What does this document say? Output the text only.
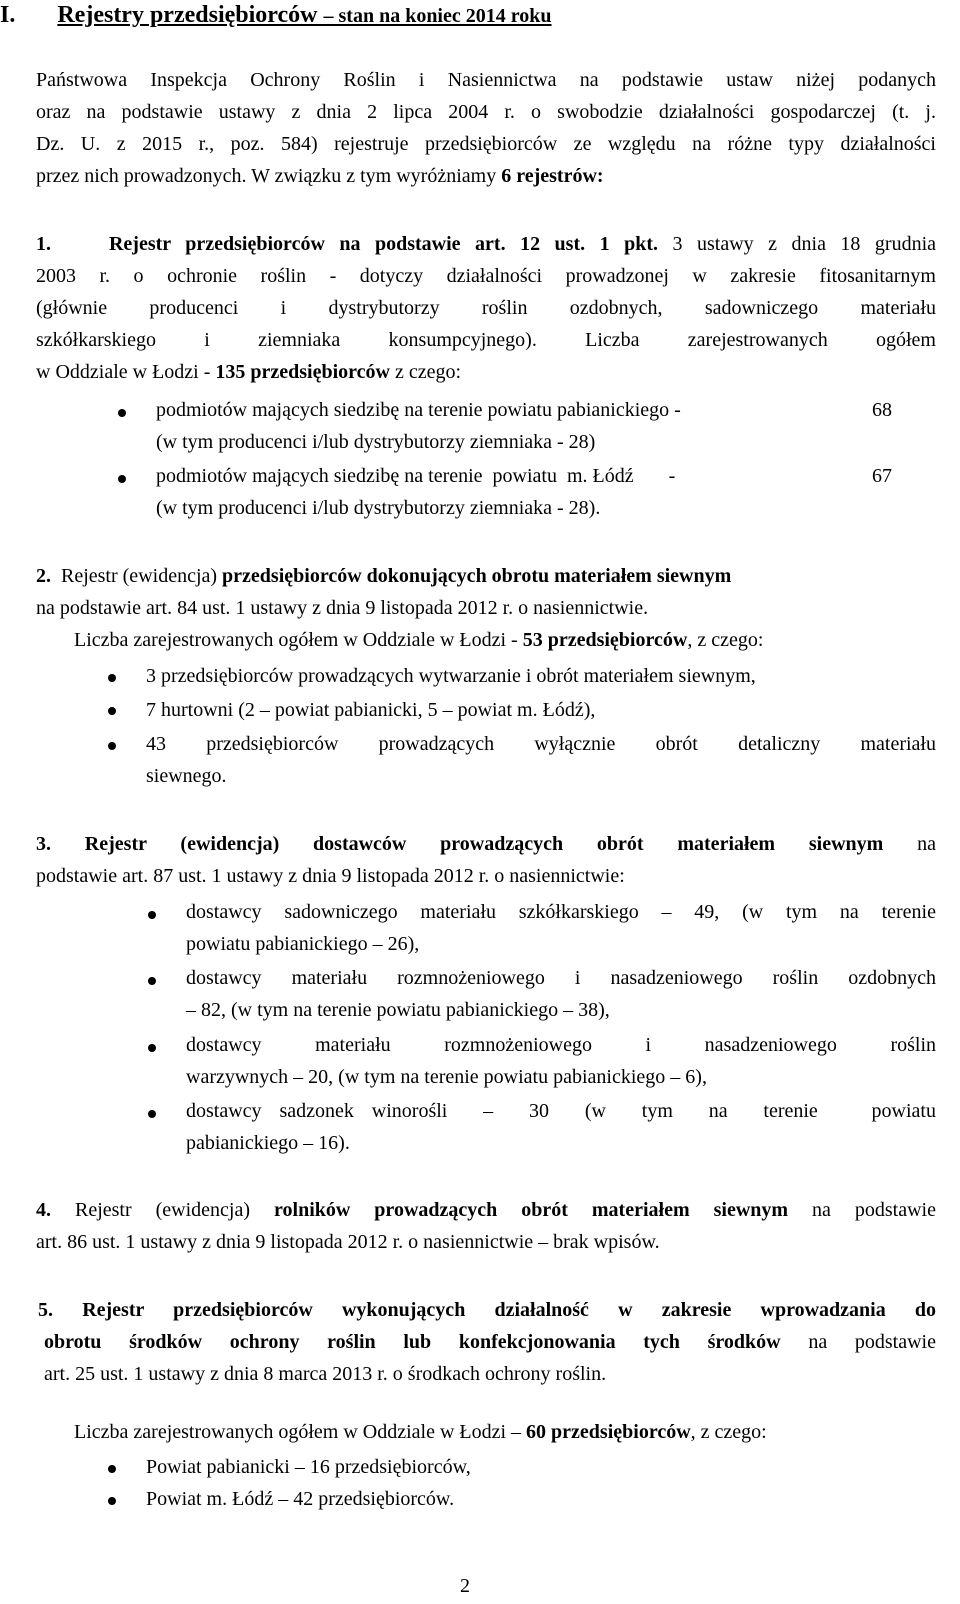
I. Rejestry przedsiębiorców – stan na koniec 2014 roku
Państwowa Inspekcja Ochrony Roślin i Nasiennictwa na podstawie ustaw niżej podanych
oraz na podstawie ustawy z dnia 2 lipca 2004 r. o swobodzie działalności gospodarczej (t. j.
Dz. U. z 2015 r., poz. 584) rejestruje przedsiębiorców ze względu na różne typy działalności
przez nich prowadzonych. W związku z tym wyróżniamy 6 rejestrów:
1.	Rejestr przedsiębiorców na podstawie art. 12 ust. 1 pkt. 3 ustawy z dnia 18 grudnia
2003 r. o ochronie roślin - dotyczy działalności prowadzonej w zakresie fitosanitarnym
(głównie producenci i dystrybutorzy roślin ozdobnych, sadowniczego materiału
szkółkarskiego i ziemniaka konsumpcyjnego). Liczba zarejestrowanych ogółem
w Oddziale w Łodzi - 135 przedsiębiorców z czego:
podmiotów mających siedzibę na terenie powiatu pabianickiego -
(w tym producenci i/lub dystrybutorzy ziemniaka - 28)
68
podmiotów mających siedzibę na terenie  powiatu  m. Łódź       -
(w tym producenci i/lub dystrybutorzy ziemniaka - 28).
67
2. Rejestr (ewidencja) przedsiębiorców dokonujących obrotu materiałem siewnym
na podstawie art. 84 ust. 1 ustawy z dnia 9 listopada 2012 r. o nasiennictwie.
Liczba zarejestrowanych ogółem w Oddziale w Łodzi - 53 przedsiębiorców, z czego:
3 przedsiębiorców prowadzących wytwarzanie i obrót materiałem siewnym,
7 hurtowni (2 – powiat pabianicki, 5 – powiat m. Łódź),
43 przedsiębiorców prowadzących wyłącznie obrót detaliczny materiału
siewnego.
3. Rejestr (ewidencja) dostawców prowadzących obrót materiałem siewnym na
podstawie art. 87 ust. 1 ustawy z dnia 9 listopada 2012 r. o nasiennictwie:
dostawcy sadowniczego materiału szkółkarskiego – 49, (w tym na terenie
powiatu pabianickiego – 26),
dostawcy materiału rozmnożeniowego i nasadzeniowego roślin ozdobnych
– 82, (w tym na terenie powiatu pabianickiego – 38),
dostawcy materiału rozmnożeniowego i nasadzeniowego roślin
warzywnych – 20, (w tym na terenie powiatu pabianickiego – 6),
dostawcy sadzonek winorośli  –  30  (w  tym  na  terenie   powiatu
pabianickiego – 16).
4. Rejestr (ewidencja) rolników prowadzących obrót materiałem siewnym na podstawie
art. 86 ust. 1 ustawy z dnia 9 listopada 2012 r. o nasiennictwie – brak wpisów.
5. Rejestr przedsiębiorców wykonujących działalność w zakresie wprowadzania do
obrotu środków ochrony roślin lub konfekcjonowania tych środków na podstawie
art. 25 ust. 1 ustawy z dnia 8 marca 2013 r. o środkach ochrony roślin.
Liczba zarejestrowanych ogółem w Oddziale w Łodzi – 60 przedsiębiorców, z czego:
Powiat pabianicki – 16 przedsiębiorców,
Powiat m. Łódź – 42 przedsiębiorców.
2
